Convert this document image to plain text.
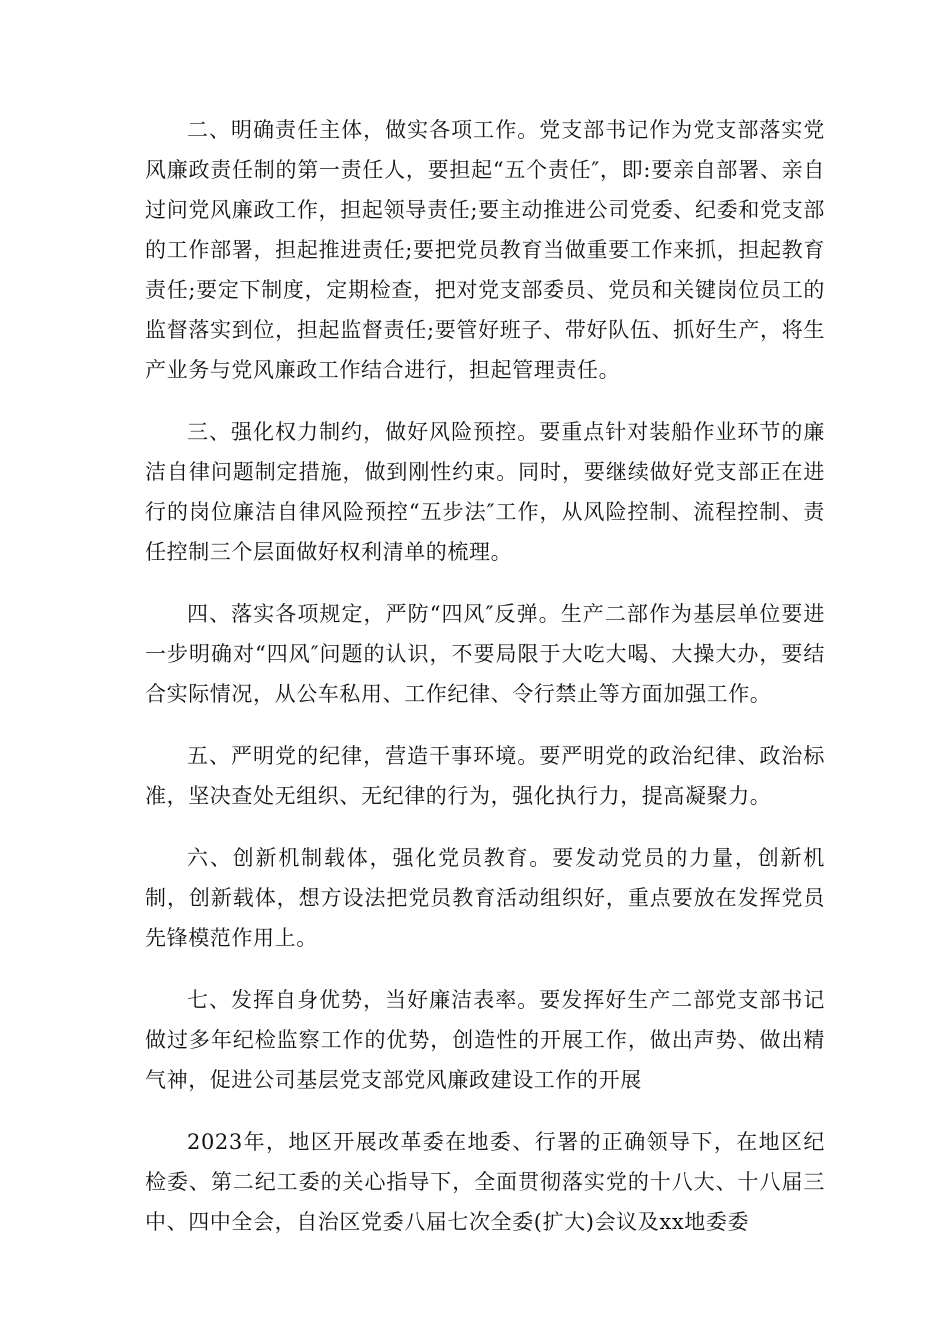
二、明确责任主体，做实各项工作。党支部书记作为党支部落实党风廉政责任制的第一责任人，要担起“五个责任″，即:要亲自部署、亲自过问党风廉政工作，担起领导责任;要主动推进公司党委、纪委和党支部的工作部署，担起推进责任;要把党员教育当做重要工作来抓，担起教育责任;要定下制度，定期检查，把对党支部委员、党员和关键岗位员工的监督落实到位，担起监督责任;要管好班子、带好队伍、抓好生产，将生产业务与党风廉政工作结合进行，担起管理责任。

三、强化权力制约，做好风险预控。要重点针对装船作业环节的廉洁自律问题制定措施，做到刚性约束。同时，要继续做好党支部正在进行的岗位廉洁自律风险预控“五步法″工作，从风险控制、流程控制、责任控制三个层面做好权利清单的梳理。

四、落实各项规定，严防“四风″反弹。生产二部作为基层单位要进一步明确对“四风″问题的认识，不要局限于大吃大喝、大操大办，要结合实际情况，从公车私用、工作纪律、令行禁止等方面加强工作。

五、严明党的纪律，营造干事环境。要严明党的政治纪律、政治标准，坚决查处无组织、无纪律的行为，强化执行力，提高凝聚力。

六、创新机制载体，强化党员教育。要发动党员的力量，创新机制，创新载体，想方设法把党员教育活动组织好，重点要放在发挥党员先锋模范作用上。

七、发挥自身优势，当好廉洁表率。要发挥好生产二部党支部书记做过多年纪检监察工作的优势，创造性的开展工作，做出声势、做出精气神，促进公司基层党支部党风廉政建设工作的开展

2023年，地区开展改革委在地委、行署的正确领导下，在地区纪检委、第二纪工委的关心指导下，全面贯彻落实党的十八大、十八届三中、四中全会，自治区党委八届七次全委(扩大)会议及xx地委委
